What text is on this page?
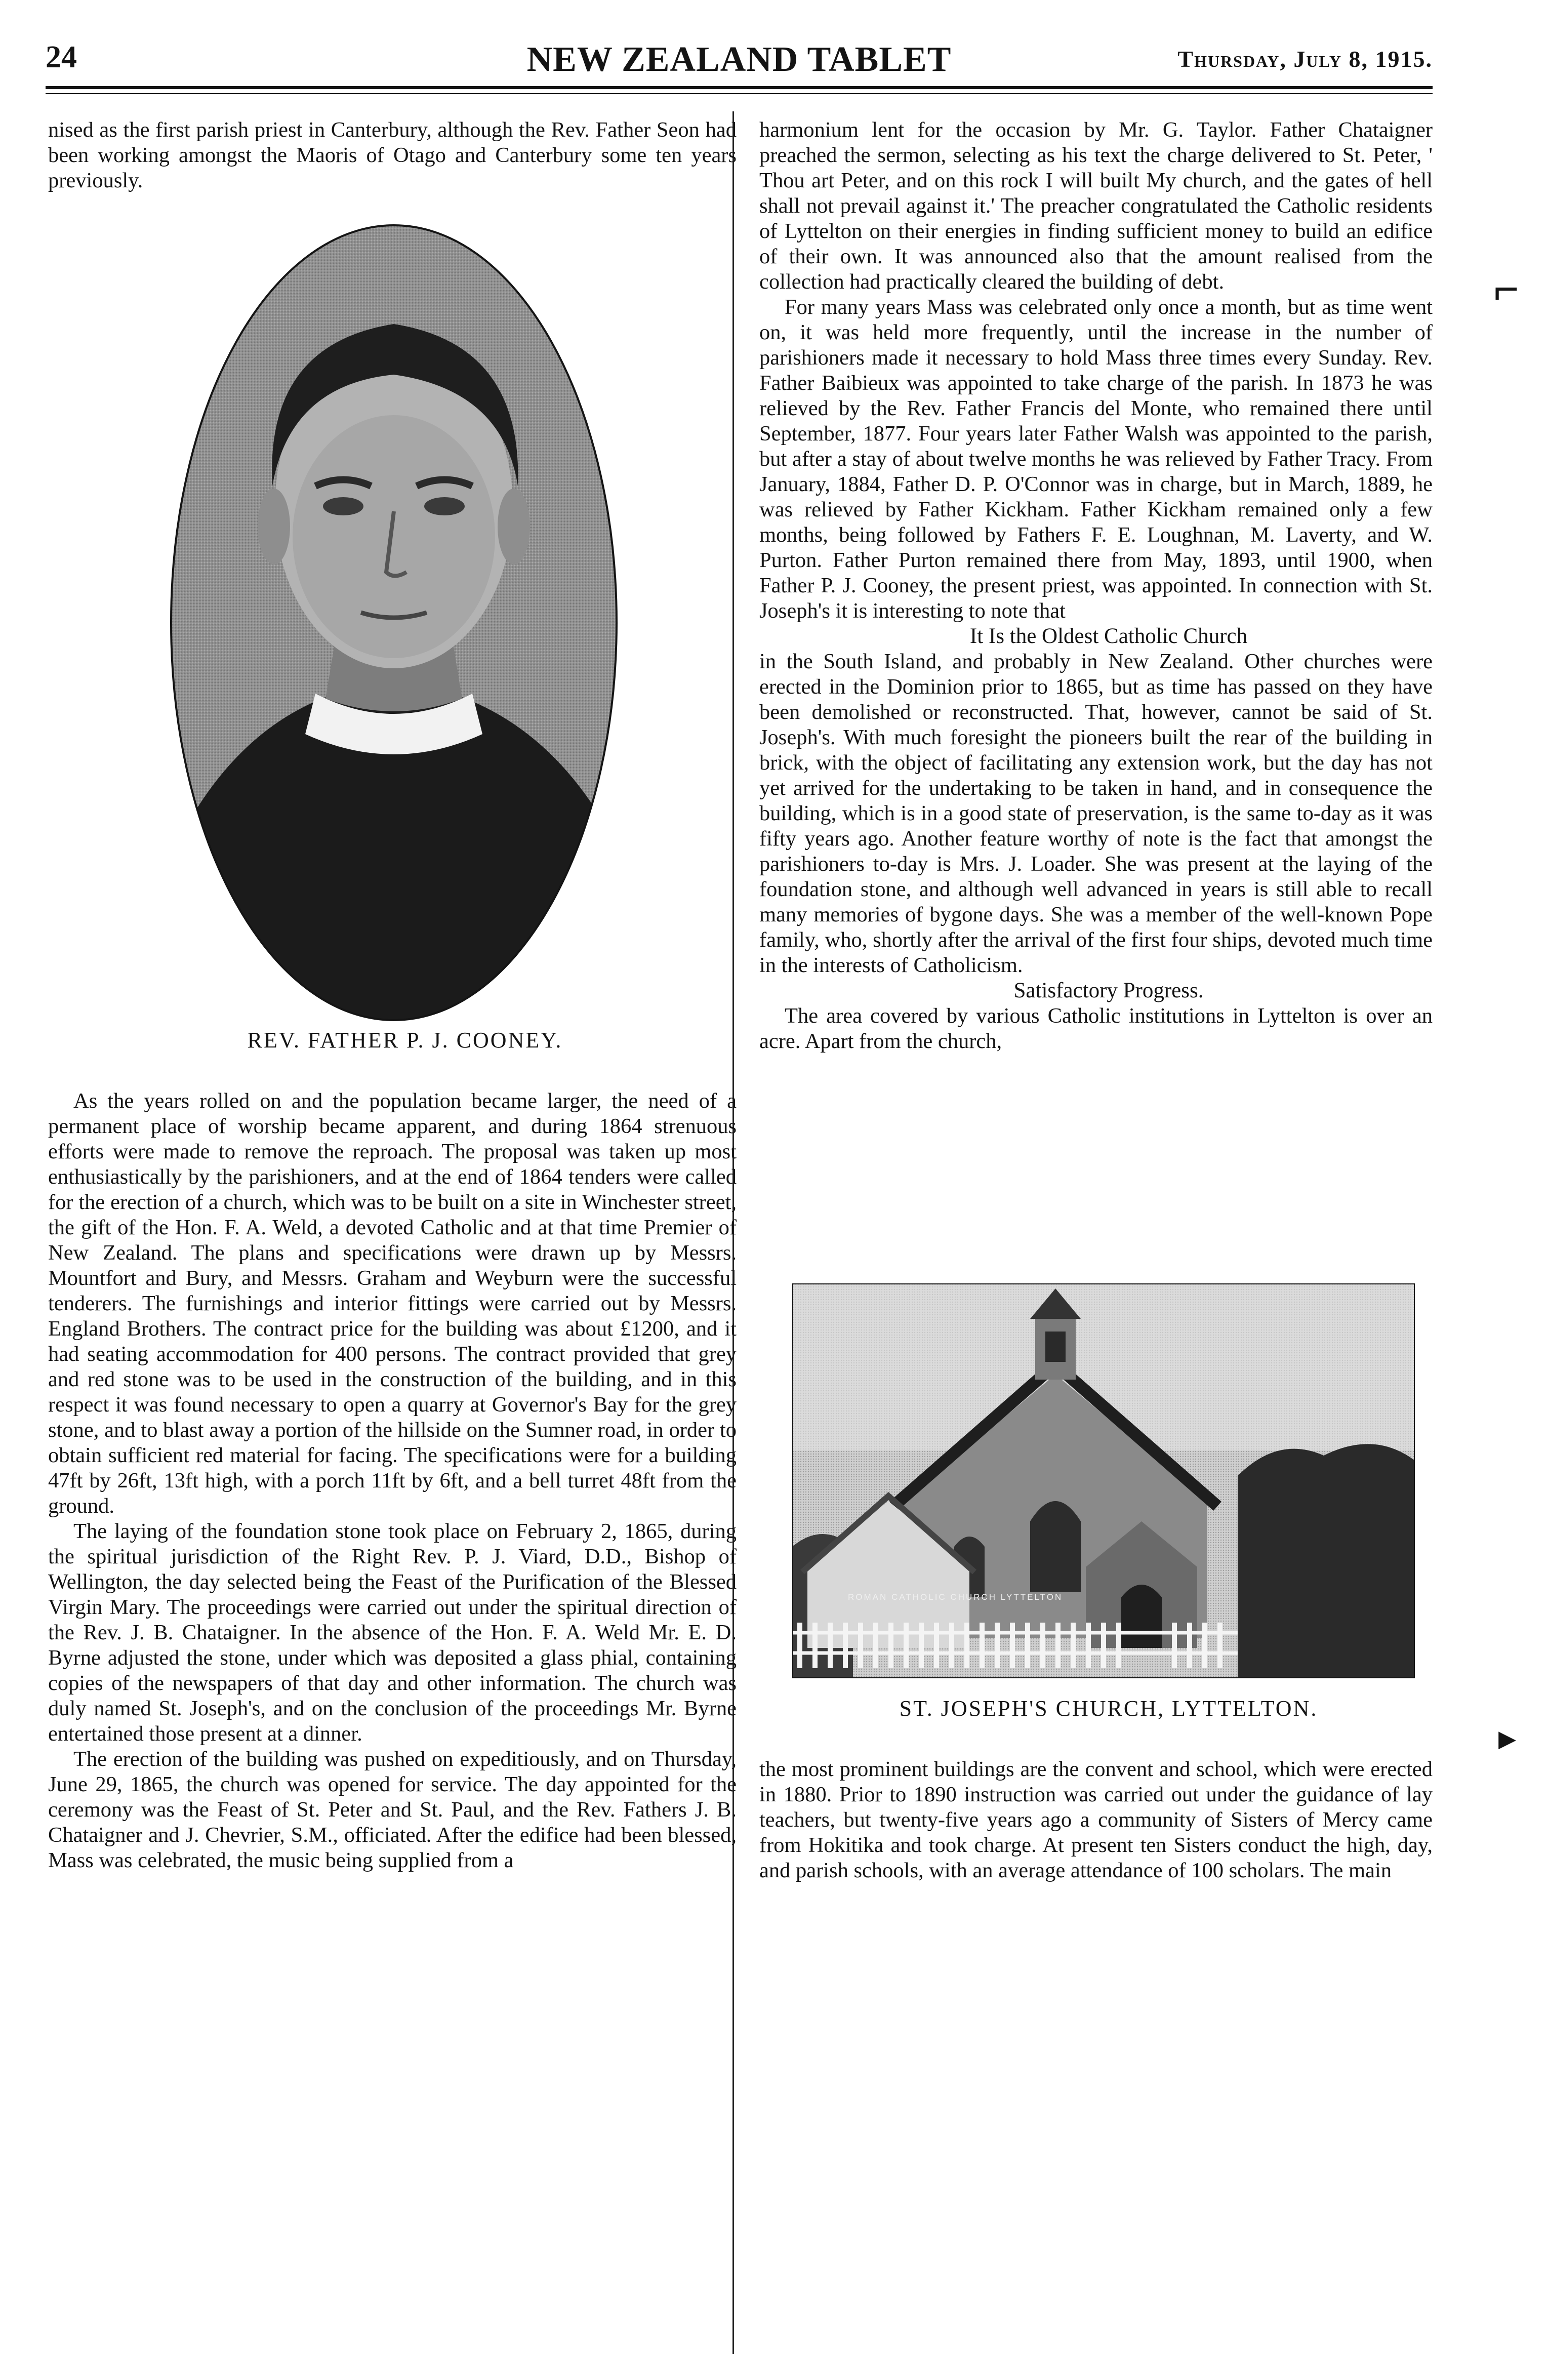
24	NEW ZEALAND TABLET	Thursday, July 8, 1915.

nised as the first parish priest in Canterbury, although the Rev. Father Seon had been working amongst the Maoris of Otago and Canterbury some ten years previously.

REV. FATHER P. J. COONEY.

As the years rolled on and the population became larger, the need of a permanent place of worship became apparent, and during 1864 strenuous efforts were made to remove the reproach. The proposal was taken up most enthusiastically by the parishioners, and at the end of 1864 tenders were called for the erection of a church, which was to be built on a site in Winchester street, the gift of the Hon. F. A. Weld, a devoted Catholic and at that time Premier of New Zealand. The plans and specifications were drawn up by Messrs. Mountfort and Bury, and Messrs. Graham and Weyburn were the successful tenderers. The furnishings and interior fittings were carried out by Messrs. England Brothers. The contract price for the building was about £1200, and it had seating accommodation for 400 persons. The contract provided that grey and red stone was to be used in the construction of the building, and in this respect it was found necessary to open a quarry at Governor's Bay for the grey stone, and to blast away a portion of the hillside on the Sumner road, in order to obtain sufficient red material for facing. The specifications were for a building 47ft by 26ft, 13ft high, with a porch 11ft by 6ft, and a bell turret 48ft from the ground.

The laying of the foundation stone took place on February 2, 1865, during the spiritual jurisdiction of the Right Rev. P. J. Viard, D.D., Bishop of Wellington, the day selected being the Feast of the Purification of the Blessed Virgin Mary. The proceedings were carried out under the spiritual direction of the Rev. J. B. Chataigner. In the absence of the Hon. F. A. Weld Mr. E. D. Byrne adjusted the stone, under which was deposited a glass phial, containing copies of the newspapers of that day and other information. The church was duly named St. Joseph's, and on the conclusion of the proceedings Mr. Byrne entertained those present at a dinner.

The erection of the building was pushed on expeditiously, and on Thursday, June 29, 1865, the church was opened for service. The day appointed for the ceremony was the Feast of St. Peter and St. Paul, and the Rev. Fathers J. B. Chataigner and J. Chevrier, S.M., officiated. After the edifice had been blessed, Mass was celebrated, the music being supplied from a

harmonium lent for the occasion by Mr. G. Taylor. Father Chataigner preached the sermon, selecting as his text the charge delivered to St. Peter, ' Thou art Peter, and on this rock I will built My church, and the gates of hell shall not prevail against it.' The preacher congratulated the Catholic residents of Lyttelton on their energies in finding sufficient money to build an edifice of their own. It was announced also that the amount realised from the collection had practically cleared the building of debt.

For many years Mass was celebrated only once a month, but as time went on, it was held more frequently, until the increase in the number of parishioners made it necessary to hold Mass three times every Sunday. Rev. Father Baibieux was appointed to take charge of the parish. In 1873 he was relieved by the Rev. Father Francis del Monte, who remained there until September, 1877. Four years later Father Walsh was appointed to the parish, but after a stay of about twelve months he was relieved by Father Tracy. From January, 1884, Father D. P. O'Connor was in charge, but in March, 1889, he was relieved by Father Kickham. Father Kickham remained only a few months, being followed by Fathers F. E. Loughnan, M. Laverty, and W. Purton. Father Purton remained there from May, 1893, until 1900, when Father P. J. Cooney, the present priest, was appointed. In connection with St. Joseph's it is interesting to note that

It Is the Oldest Catholic Church

in the South Island, and probably in New Zealand. Other churches were erected in the Dominion prior to 1865, but as time has passed on they have been demolished or reconstructed. That, however, cannot be said of St. Joseph's. With much foresight the pioneers built the rear of the building in brick, with the object of facilitating any extension work, but the day has not yet arrived for the undertaking to be taken in hand, and in consequence the building, which is in a good state of preservation, is the same to-day as it was fifty years ago. Another feature worthy of note is the fact that amongst the parishioners to-day is Mrs. J. Loader. She was present at the laying of the foundation stone, and although well advanced in years is still able to recall many memories of bygone days. She was a member of the well-known Pope family, who, shortly after the arrival of the first four ships, devoted much time in the interests of Catholicism.

Satisfactory Progress.

The area covered by various Catholic institutions in Lyttelton is over an acre. Apart from the church,

ROMAN CATHOLIC CHURCH LYTTELTON

ST. JOSEPH'S CHURCH, LYTTELTON.

the most prominent buildings are the convent and school, which were erected in 1880. Prior to 1890 instruction was carried out under the guidance of lay teachers, but twenty-five years ago a community of Sisters of Mercy came from Hokitika and took charge. At present ten Sisters conduct the high, day, and parish schools, with an average attendance of 100 scholars. The main

⌐
▸
